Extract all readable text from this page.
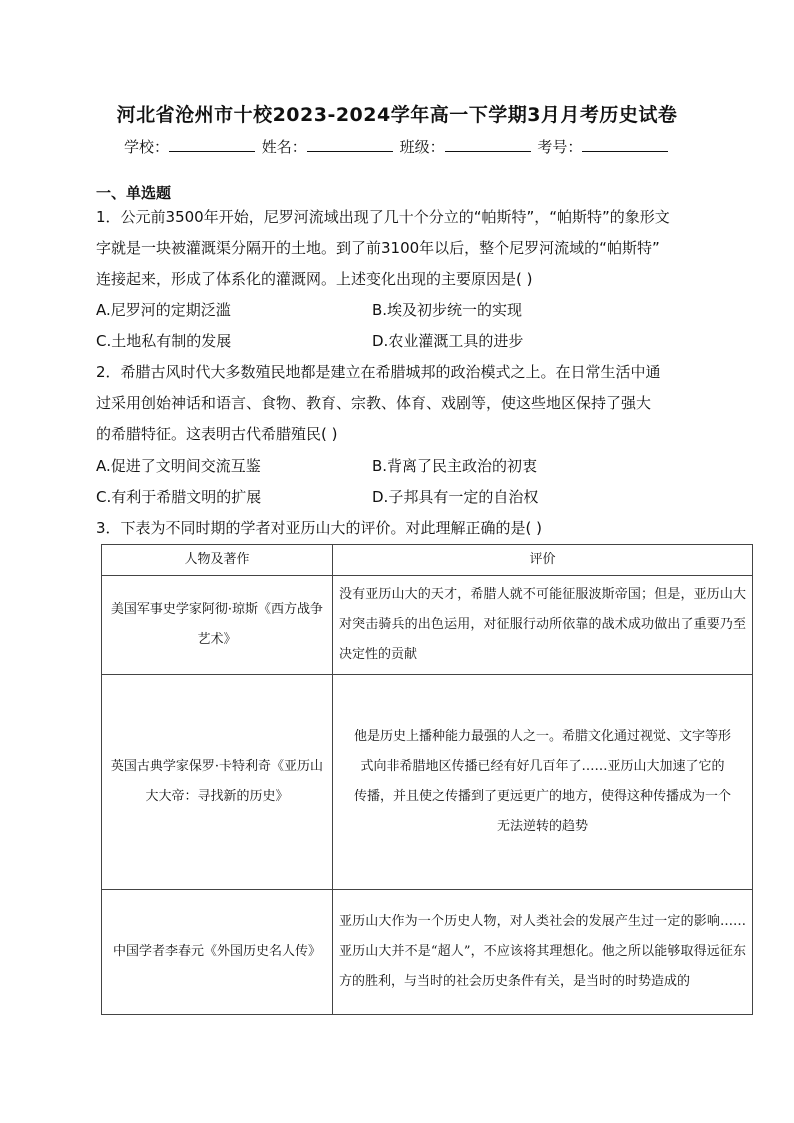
河北省沧州市十校2023-2024学年高一下学期3月月考历史试卷
学校：	姓名：	班级：	考号：
一、单选题
1．公元前3500年开始，尼罗河流域出现了几十个分立的“帕斯特”，“帕斯特”的象形文
字就是一块被灌溉渠分隔开的土地。到了前3100年以后，整个尼罗河流域的“帕斯特”
连接起来，形成了体系化的灌溉网。上述变化出现的主要原因是( )
A.尼罗河的定期泛滥	B.埃及初步统一的实现
C.土地私有制的发展	D.农业灌溉工具的进步
2．希腊古风时代大多数殖民地都是建立在希腊城邦的政治模式之上。在日常生活中通
过采用创始神话和语言、食物、教育、宗教、体育、戏剧等，使这些地区保持了强大
的希腊特征。这表明古代希腊殖民( )
A.促进了文明间交流互鉴	B.背离了民主政治的初衷
C.有利于希腊文明的扩展	D.子邦具有一定的自治权
3．下表为不同时期的学者对亚历山大的评价。对此理解正确的是( )
人物及著作	评价
美国军事史学家阿彻·琼斯《西方战争艺术》	没有亚历山大的天才，希腊人就不可能征服波斯帝国；但是，亚历山大对突击骑兵的出色运用，对征服行动所依靠的战术成功做出了重要乃至决定性的贡献
英国古典学家保罗·卡特利奇《亚历山大大帝：寻找新的历史》	他是历史上播种能力最强的人之一。希腊文化通过视觉、文字等形
式向非希腊地区传播已经有好几百年了……亚历山大加速了它的
传播，并且使之传播到了更远更广的地方，使得这种传播成为一个
无法逆转的趋势

中国学者李春元《外国历史名人传》	亚历山大作为一个历史人物，对人类社会的发展产生过一定的影响……亚历山大并不是“超人”，不应该将其理想化。他之所以能够取得远征东方的胜利，与当时的社会历史条件有关，是当时的时势造成的
